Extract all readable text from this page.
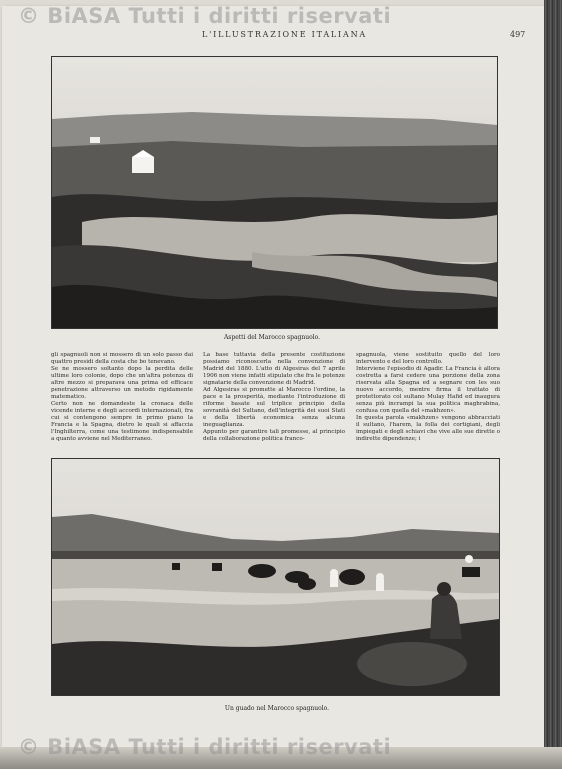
L'ILLUSTRAZIONE ITALIANA	497
Aspetti del Marocco spagnuolo.
gli spagnuoli non si mossero di un solo passo dai quattro presidi della costa che bo tenevano.
Se ne mossero soltanto dopo la perdita delle ultime loro colonie, dopo che un'altra potenza di altre mezzo si preparava una prima ed efficace penetrazione attraverso un metodo rigidamente matematico.
Certo non ne domandeste la cronaca delle vicende interne e degli accordi internazionali, fra cui si contengono sempre in primo piano la Francia e la Spagna, dietro le quali si affaccia l'Inghilterra, come una testimone indispensabile a quanto avviene nel Mediterraneo.
La base tuttavia della presente costituzione possiamo riconoscerla nella convenzione di Madrid del 1880. L'atto di Algesiras del 7 aprile 1906 non viene infatti stipulato che fra le potenze signatarie della convenzione di Madrid.
Ad Algesiras si promette al Marocco l'ordine, la pace e la prosperità, mediante l'introduzione di riforme basate sul triplice principio della sovranità del Sultano, dell'integrità dei suoi Stati e della libertà economica senza alcuna ineguaglianza.
Appunto per garantire tali promesse, al principio della collaborazione politica franco-
spagnuola, viene sostituito quello del loro intervento e del loro controllo.
Interviene l'episodio di Agadir. La Francia è allora costretta a farsi cedere una porzione della zona riservata alla Spagna ed a segnare con les suo nuovo accordo, mentre firma il trattato di protettorato col sultano Mulay Hafid ed inaugura senza più incrampi la sua politica maghrabina, confusa con quella del «makhzen».
In questa parola «makhzen» vengono abbracciati il sultano, l'harem, la folla dei cortigiani, degli impiegati e degli schiavi che vive alle sue dirette o indirette dipendenze; i
Un guado nel Marocco spagnuolo.
© BiASA Tutti i diritti riservati
© BiASA Tutti i diritti riservati
